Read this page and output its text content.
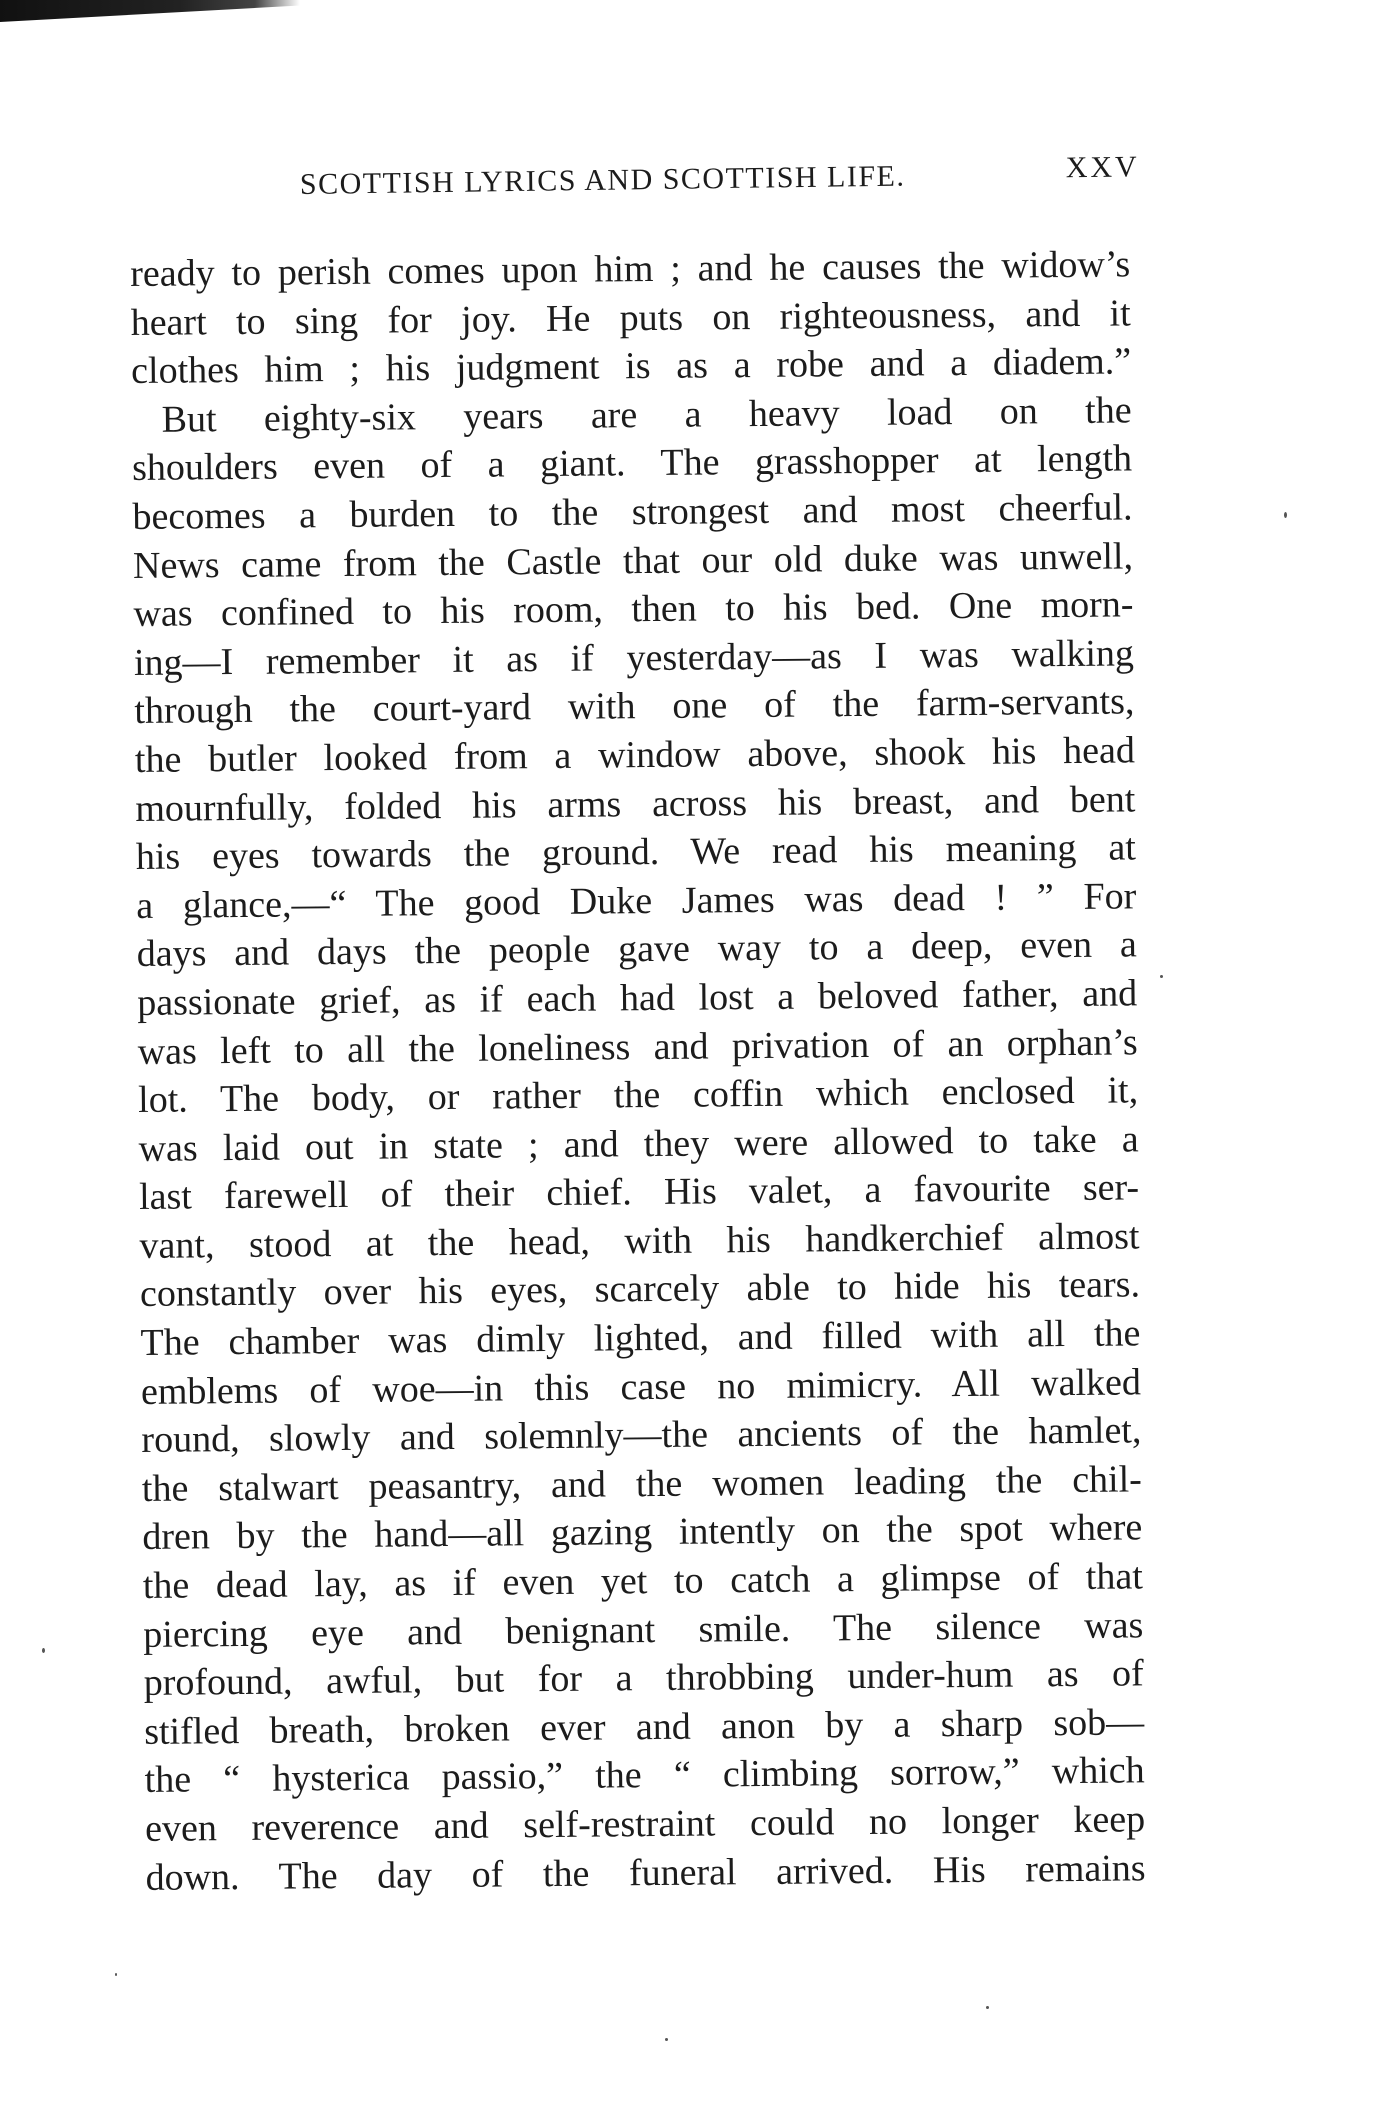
SCOTTISH LYRICS AND SCOTTISH LIFE.	XXV
ready to perish comes upon him ; and he causes the widow’s
heart to sing for joy. He puts on righteousness, and it
clothes him ; his judgment is as a robe and a diadem.”
But eighty-six years are a heavy load on the
shoulders even of a giant. The grasshopper at length
becomes a burden to the strongest and most cheerful.
News came from the Castle that our old duke was unwell,
was confined to his room, then to his bed. One morn-
ing—I remember it as if yesterday—as I was walking
through the court-yard with one of the farm-servants,
the butler looked from a window above, shook his head
mournfully, folded his arms across his breast, and bent
his eyes towards the ground. We read his meaning at
a glance,—“ The good Duke James was dead ! ” For
days and days the people gave way to a deep, even a
passionate grief, as if each had lost a beloved father, and
was left to all the loneliness and privation of an orphan’s
lot. The body, or rather the coffin which enclosed it,
was laid out in state ; and they were allowed to take a
last farewell of their chief. His valet, a favourite ser-
vant, stood at the head, with his handkerchief almost
constantly over his eyes, scarcely able to hide his tears.
The chamber was dimly lighted, and filled with all the
emblems of woe—in this case no mimicry. All walked
round, slowly and solemnly—the ancients of the hamlet,
the stalwart peasantry, and the women leading the chil-
dren by the hand—all gazing intently on the spot where
the dead lay, as if even yet to catch a glimpse of that
piercing eye and benignant smile. The silence was
profound, awful, but for a throbbing under-hum as of
stifled breath, broken ever and anon by a sharp sob—
the “ hysterica passio,” the “ climbing sorrow,” which
even reverence and self-restraint could no longer keep
down. The day of the funeral arrived. His remains
